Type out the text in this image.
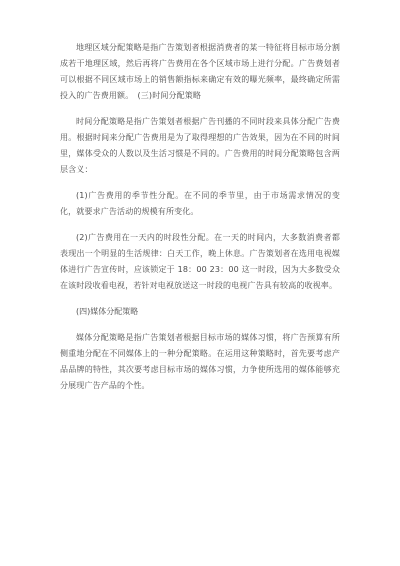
地理区域分配策略是指广告策划者根据消费者的某一特征将目标市场分割成若干地理区域，然后再将广告费用在各个区域市场上进行分配。广告费划者可以根据不同区域市场上的销售额指标来确定有效的曝光频率，最终确定所需投入的广告费用额。　(三)时间分配策略

时间分配策略是指广告策划者根据广告刊播的不同时段来具体分配广告费用。根据时间来分配广告费用是为了取得理想的广告效果，因为在不同的时间里，媒体受众的人数以及生活习惯是不同的。广告费用的时间分配策略包含两层含义：

(1)广告费用的季节性分配。在不同的季节里，由于市场需求情况的变化，就要求广告活动的规模有所变化。

(2)广告费用在一天内的时段性分配。在一天的时间内，大多数消费者都表现出一个明显的生活规律：白天工作，晚上休息。广告策划者在选用电视媒体进行广告宣传时，应该锁定于 18：00 23：00 这一时段，因为大多数受众在该时段收看电视，若针对电视放送这一时段的电视广告具有较高的收视率。

(四)媒体分配策略

媒体分配策略是指广告策划者根据目标市场的媒体习惯，将广告预算有所侧重地分配在不同媒体上的一种分配策略。在运用这种策略时，首先要考虑产品品牌的特性，其次要考虑目标市场的媒体习惯，力争使所选用的媒体能够充分展现广告产品的个性。
